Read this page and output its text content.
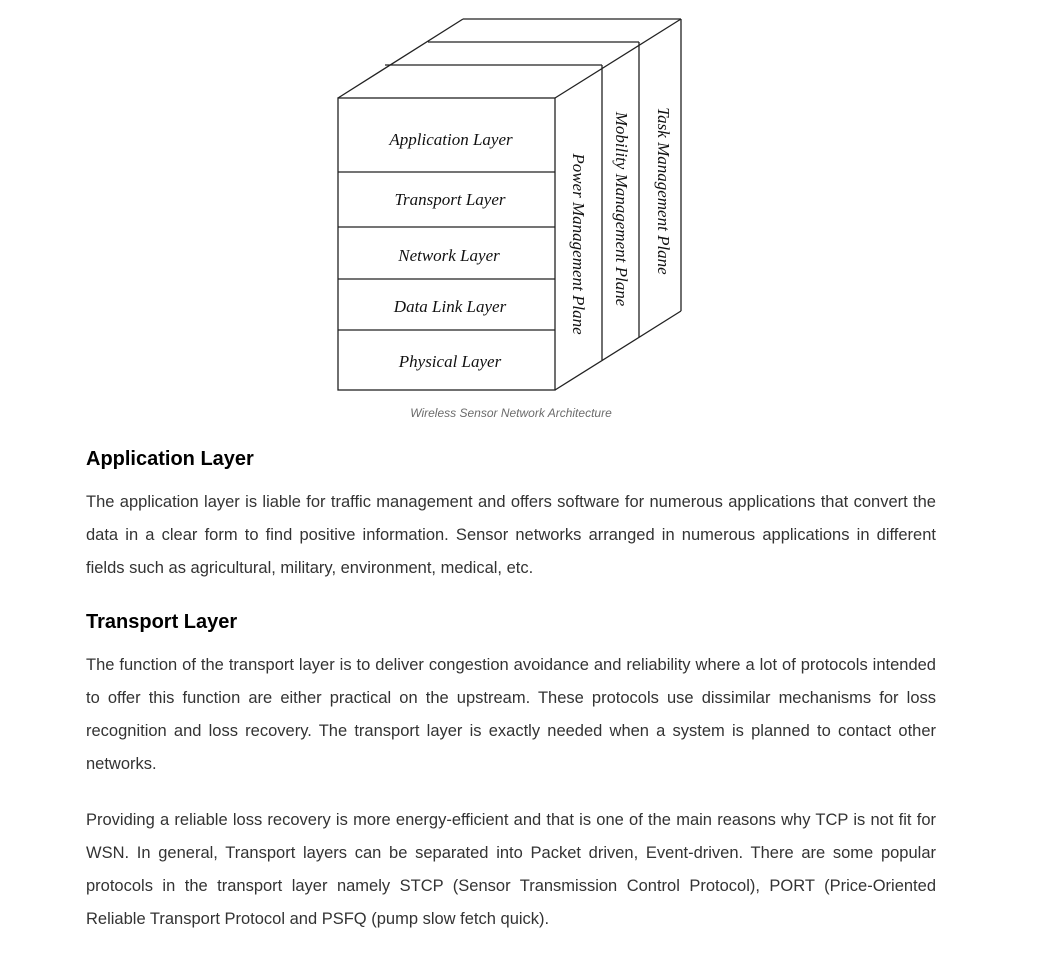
Application Layer
Transport Layer
Network Layer
Data Link Layer
Physical Layer
Power Management Plane Mobility Management Plane Task Management Plane
Wireless Sensor Network Architecture
Application Layer

The application layer is liable for traffic management and offers software for numerous applications that convert the data in a clear form to find positive information. Sensor networks arranged in numerous applications in different fields such as agricultural, military, environment, medical, etc.

Transport Layer

The function of the transport layer is to deliver congestion avoidance and reliability where a lot of protocols intended to offer this function are either practical on the upstream. These protocols use dissimilar mechanisms for loss recognition and loss recovery. The transport layer is exactly needed when a system is planned to contact other networks.

Providing a reliable loss recovery is more energy-efficient and that is one of the main reasons why TCP is not fit for WSN. In general, Transport layers can be separated into Packet driven, Event-driven. There are some popular protocols in the transport layer namely STCP (Sensor Transmission Control Protocol), PORT (Price-Oriented Reliable Transport Protocol and PSFQ (pump slow fetch quick).
